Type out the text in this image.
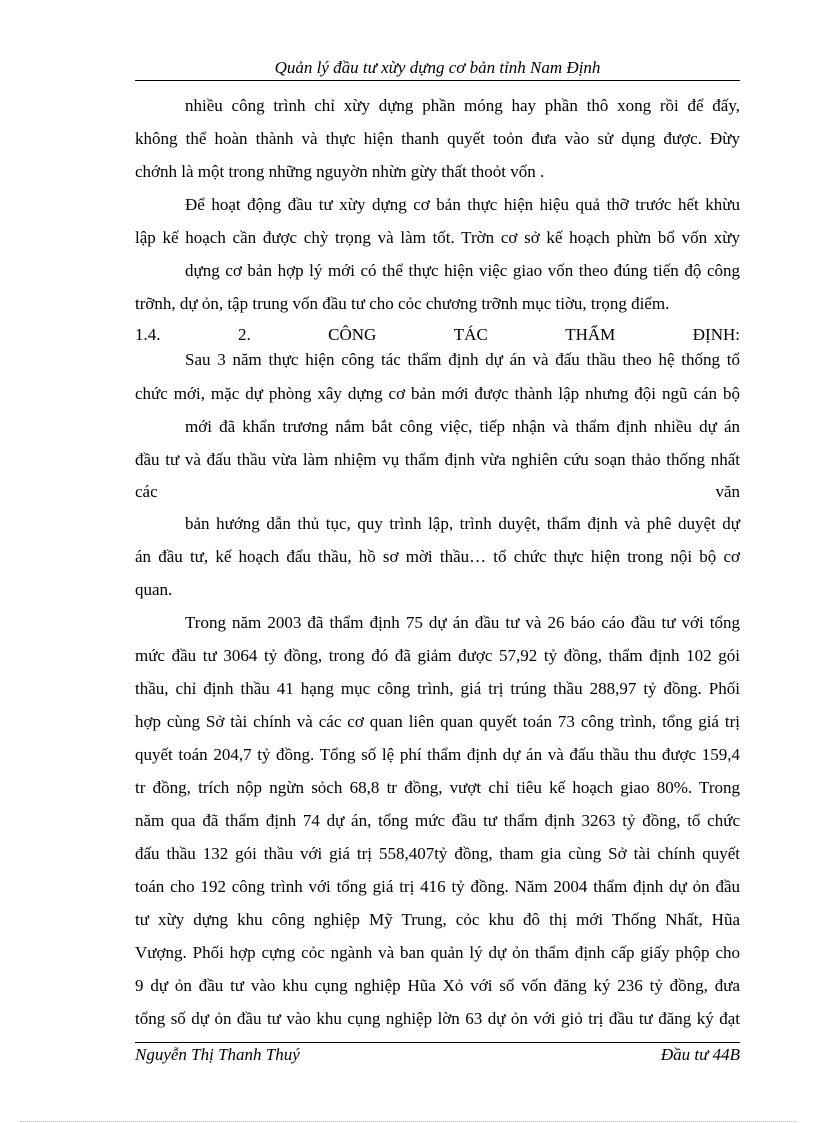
Quản lý đầu tư xừy dựng cơ bản tỉnh Nam Định
nhiều công trình chỉ xừy dựng phần móng hay phần thô xong rồi để đấy,
không thể hoàn thành và thực hiện thanh quyết toỏn đưa vào sử dụng được. Đừy
chớnh là một trong những nguyờn nhừn gừy thất thoỏt vốn .
Để hoạt động đầu tư xừy dựng cơ bản thực hiện hiệu quả thỡ trước hết khừu
lập kế hoạch cần được chỳ trọng và làm tốt. Trờn cơ sở kế hoạch phừn bổ vốn xừy
dựng cơ bản hợp lý mới có thể thực hiện việc giao vốn theo đúng tiến độ công
trỡnh, dự ỏn, tập trung vốn đầu tư cho cỏc chương trỡnh mục tiờu, trọng điểm.
1.4.	2.	CÔNG	TÁC	THẨM	ĐỊNH:
Sau 3 năm thực hiện công tác thẩm định dự án và đấu thầu theo hệ thống tổ
chức mới, mặc dự phòng xây dựng cơ bản mới được thành lập nhưng đội ngũ cán bộ
mới đã khẩn trương nắm bắt công việc, tiếp nhận và thẩm định nhiều dự án
đầu tư và đấu thầu vừa làm nhiệm vụ thẩm định vừa nghiên cứu soạn thảo thống nhất
các	văn
bản hướng dẫn thủ tục, quy trình lập, trình duyệt, thẩm định và phê duyệt dự
án đầu tư, kế hoạch đấu thầu, hồ sơ mời thầu… tổ chức thực hiện trong nội bộ cơ
quan.
Trong năm 2003 đã thẩm định 75 dự án đầu tư và 26 báo cáo đầu tư với tổng
mức đầu tư 3064 tỷ đồng, trong đó đã giảm được 57,92 tỷ đồng, thẩm định 102 gói
thầu, chỉ định thầu 41 hạng mục công trình, giá trị trúng thầu 288,97 tỷ đồng. Phối
hợp cùng Sở tài chính và các cơ quan liên quan quyết toán 73 công trình, tổng giá trị
quyết toán 204,7 tỷ đồng. Tổng số lệ phí thẩm định dự án và đấu thầu thu được 159,4
tr đồng, trích nộp ngừn sỏch 68,8 tr đồng, vượt chỉ tiêu kế hoạch giao 80%. Trong
năm qua đã thẩm định 74 dự án, tổng mức đầu tư thẩm định 3263 tỷ đồng, tổ chức
đấu thầu 132 gói thầu với giá trị 558,407tỷ đồng, tham gia cùng Sở tài chính quyết
toán cho 192 công trình với tổng giá trị 416 tỷ đồng. Năm 2004 thẩm định dự ỏn đầu
tư xừy dựng khu công nghiệp Mỹ Trung, cỏc khu đô thị mới Thống Nhất, Hũa
Vượng. Phối hợp cựng cỏc ngành và ban quản lý dự ỏn thẩm định cấp giấy phộp cho
9 dự ỏn đầu tư vào khu cụng nghiệp Hũa Xỏ với số vốn đăng ký 236 tỷ đồng, đưa
tổng số dự ỏn đầu tư vào khu cụng nghiệp lờn 63 dự ỏn với giỏ trị đầu tư đăng ký đạt
Nguyễn Thị Thanh Thuý	Đầu tư 44B
